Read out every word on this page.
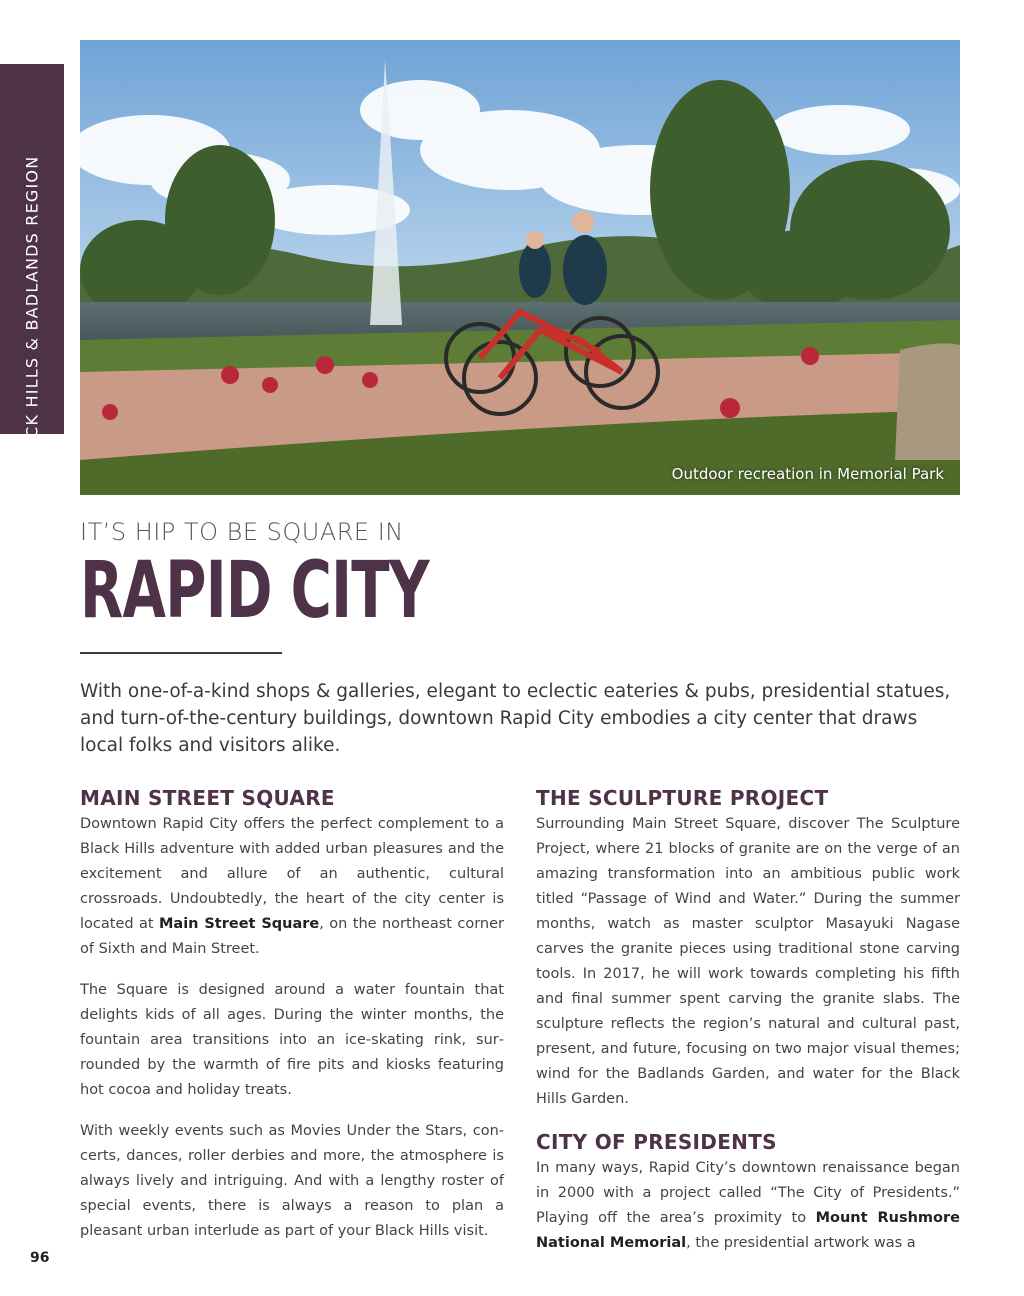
BLACK HILLS & BADLANDS REGION
Outdoor recreation in Memorial Park
IT’S HIP TO BE SQUARE IN
RAPID CITY
With one-of-a-kind shops & galleries, elegant to eclectic eateries & pubs, presidential statues, and turn-of-the-century buildings, downtown Rapid City embodies a city center that draws local folks and visitors alike.
MAIN STREET SQUARE

Downtown Rapid City offers the perfect complement to a Black Hills adventure with added urban pleasures and the excitement and allure of an authentic, cultural crossroads. Undoubtedly, the heart of the city center is located at Main Street Square, on the northeast corner of Sixth and Main Street.

The Square is designed around a water fountain that delights kids of all ages. During the winter months, the fountain area transitions into an ice-skating rink, surrounded by the warmth of fire pits and kiosks featuring hot cocoa and holiday treats.

With weekly events such as Movies Under the Stars, concerts, dances, roller derbies and more, the atmosphere is always lively and intriguing. And with a lengthy roster of special events, there is always a reason to plan a pleasant urban interlude as part of your Black Hills visit.

THE SCULPTURE PROJECT

Surrounding Main Street Square, discover The Sculpture Project, where 21 blocks of granite are on the verge of an amazing transformation into an ambitious public work titled “Passage of Wind and Water.” During the summer months, watch as master sculptor Masayuki Nagase carves the granite pieces using traditional stone carving tools. In 2017, he will work towards completing his fifth and final summer spent carving the granite slabs. The sculpture reflects the region’s natural and cultural past, present, and future, focusing on two major visual themes; wind for the Badlands Garden, and water for the Black Hills Garden.

CITY OF PRESIDENTS

In many ways, Rapid City’s downtown renaissance began in 2000 with a project called “The City of Presidents.” Playing off the area’s proximity to Mount Rushmore National Memorial, the presidential artwork was a

96
